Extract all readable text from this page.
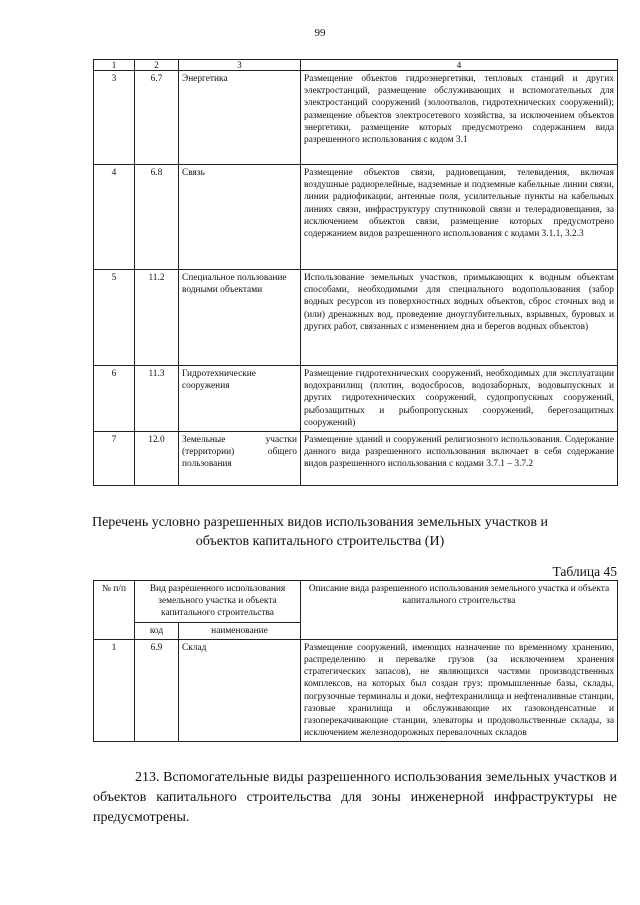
99
1	2	3	4
3	6.7	Энергетика	Размещение объектов гидроэнергетики, тепловых станций и других электростанций, размещение обслуживающих и вспомогательных для электростанций сооружений (золоотвалов, гидротехнических сооружений); размещение объектов электросетевого хозяйства, за исключением объектов энергетики, размещение которых предусмотрено содержанием вида разрешенного использования с кодом 3.1
4	6.8	Связь	Размещение объектов связи, радиовещания, телевидения, включая воздушные радиорелейные, надземные и подземные кабельные линии связи, линии радиофикации, антенные поля, усилительные пункты на кабельных линиях связи, инфраструктуру спутниковой связи и телерадиовещания, за исключением объектов связи, размещение которых предусмотрено содержанием видов разрешенного использования с кодами 3.1.1, 3.2.3
5	11.2	Специальное пользование водными объектами	Использование земельных участков, примыкающих к водным объектам способами, необходимыми для специального водопользования (забор водных ресурсов из поверхностных водных объектов, сброс сточных вод и (или) дренажных вод, проведение дноуглубительных, взрывных, буровых и других работ, связанных с изменением дна и берегов водных объектов)
6	11.3	Гидротехнические сооружения	Размещение гидротехнических сооружений, необходимых для эксплуатации водохранилищ (плотин, водосбросов, водозаборных, водовыпускных и других гидротехнических сооружений, судопропускных сооружений, рыбозащитных и рыбопропускных сооружений, берегозащитных сооружений)
7	12.0	Земельные участки (территории) общего пользования	Размещение зданий и сооружений религиозного использования. Содержание данного вида разрешенного использования включает в себя содержание видов разрешенного использования с кодами 3.7.1 – 3.7.2
Перечень условно разрешенных видов использования земельных участков и объектов капитального строительства (И)
Таблица 45
№ п/п	Вид разрешенного использования земельного участка и объекта капитального строительства		Описание вида разрешенного использования земельного участка и объекта капитального строительства
	код	наименование	
1	6.9	Склад	Размещение сооружений, имеющих назначение по временному хранению, распределению и перевалке грузов (за исключением хранения стратегических запасов), не являющихся частями производственных комплексов, на которых был создан груз: промышленные базы, склады, погрузочные терминалы и доки, нефтехранилища и нефтеналивные станции, газовые хранилища и обслуживающие их газоконденсатные и газоперекачивающие станции, элеваторы и продовольственные склады, за исключением железнодорожных перевалочных складов
213. Вспомогательные виды разрешенного использования земельных участков и объектов капитального строительства для зоны инженерной инфраструктуры не предусмотрены.
